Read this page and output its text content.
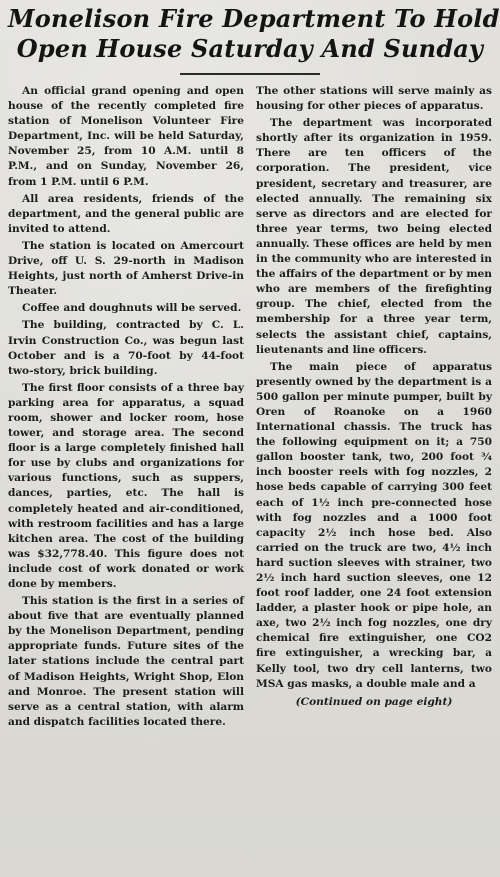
Monelison Fire Department To Hold
Open House Saturday And Sunday

An official grand opening and open house of the recently completed fire station of Monelison Volunteer Fire Department, Inc. will be held Saturday, November 25, from 10 A.M. until 8 P.M., and on Sunday, November 26, from 1 P.M. until 6 P.M.

All area residents, friends of the department, and the general public are invited to attend.

The station is located on Amercourt Drive, off U. S. 29-north in Madison Heights, just north of Amherst Drive-in Theater.

Coffee and doughnuts will be served.

The building, contracted by C. L. Irvin Construction Co., was begun last October and is a 70-foot by 44-foot two-story, brick building.

The first floor consists of a three bay parking area for apparatus, a squad room, shower and locker room, hose tower, and storage area. The second floor is a large completely finished hall for use by clubs and organizations for various functions, such as suppers, dances, parties, etc. The hall is completely heated and air-conditioned, with restroom facilities and has a large kitchen area. The cost of the building was $32,778.40. This figure does not include cost of work donated or work done by members.

This station is the first in a series of about five that are eventually planned by the Monelison Department, pending appropriate funds. Future sites of the later stations include the central part of Madison Heights, Wright Shop, Elon and Monroe. The present station will serve as a central station, with alarm and dispatch facilities located there.

The other stations will serve mainly as housing for other pieces of apparatus.

The department was incorporated shortly after its organization in 1959. There are ten officers of the corporation. The president, vice president, secretary and treasurer, are elected annually. The remaining six serve as directors and are elected for three year terms, two being elected annually. These offices are held by men in the community who are interested in the affairs of the department or by men who are members of the firefighting group. The chief, elected from the membership for a three year term, selects the assistant chief, captains, lieutenants and line officers.

The main piece of apparatus presently owned by the department is a 500 gallon per minute pumper, built by Oren of Roanoke on a 1960 International chassis. The truck has the following equipment on it; a 750 gallon booster tank, two, 200 foot ¾ inch booster reels with fog nozzles, 2 hose beds capable of carrying 300 feet each of 1½ inch pre-connected hose with fog nozzles and a 1000 foot capacity 2½ inch hose bed. Also carried on the truck are two, 4½ inch hard suction sleeves with strainer, two 2½ inch hard suction sleeves, one 12 foot roof ladder, one 24 foot extension ladder, a plaster hook or pipe hole, an axe, two 2½ inch fog nozzles, one dry chemical fire extinguisher, one CO2 fire extinguisher, a wrecking bar, a Kelly tool, two dry cell lanterns, two MSA gas masks, a double male and a

(Continued on page eight)
